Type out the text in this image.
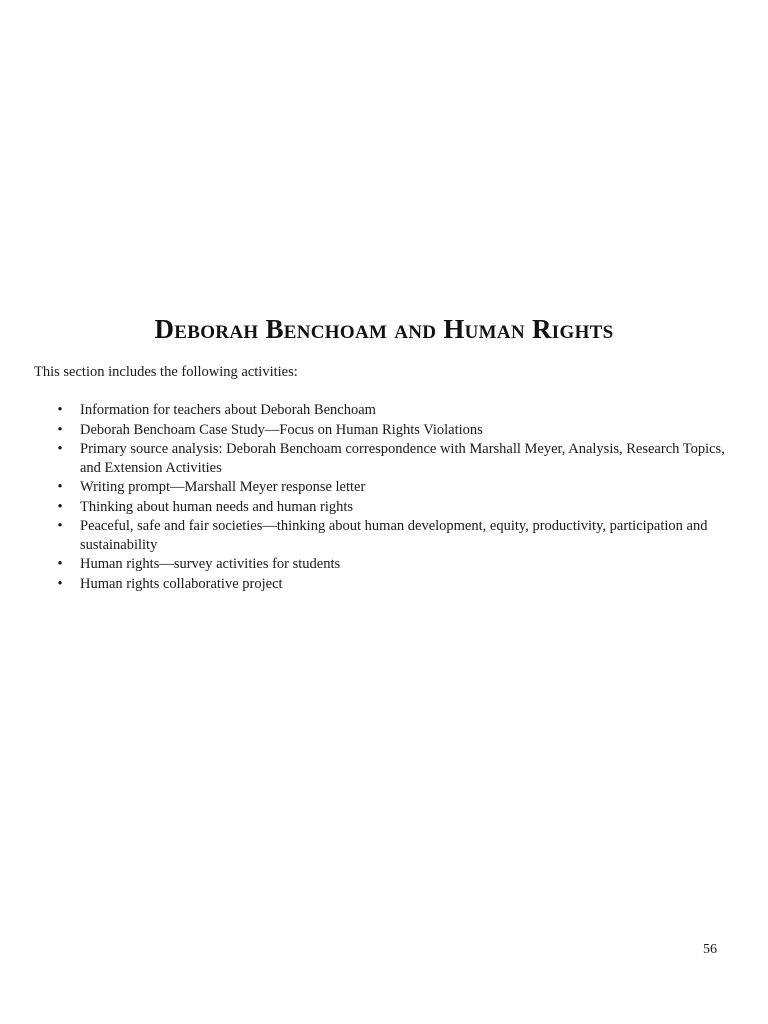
Deborah Benchoam and Human Rights

This section includes the following activities:

• Information for teachers about Deborah Benchoam
• Deborah Benchoam Case Study—Focus on Human Rights Violations
• Primary source analysis: Deborah Benchoam correspondence with Marshall Meyer, Analysis, Research Topics, and Extension Activities
• Writing prompt—Marshall Meyer response letter
• Thinking about human needs and human rights
• Peaceful, safe and fair societies—thinking about human development, equity, productivity, participation and sustainability
• Human rights—survey activities for students
• Human rights collaborative project
56
